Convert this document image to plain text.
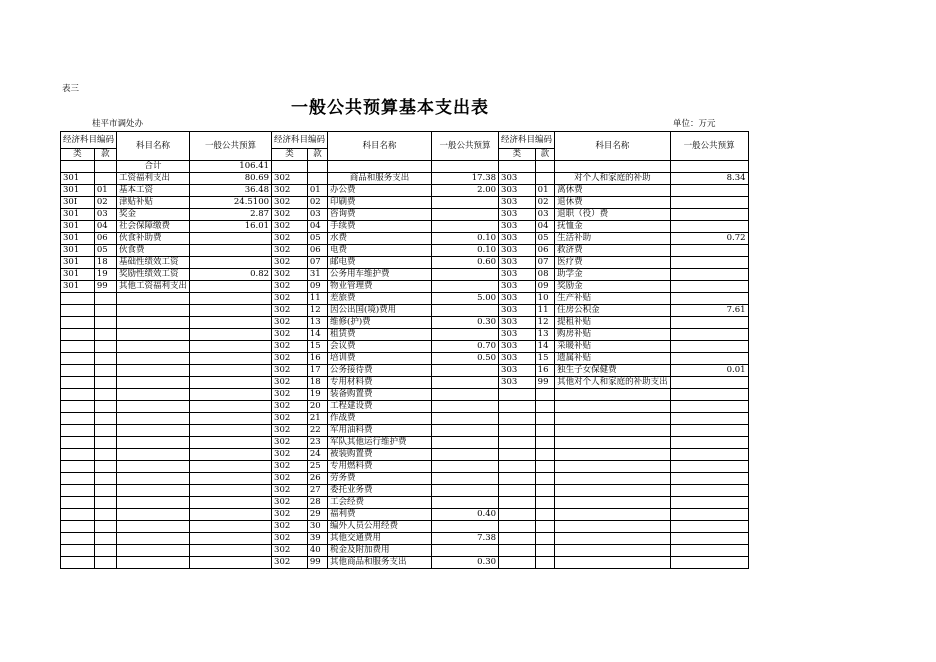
表三
一般公共预算基本支出表
桂平市调处办	单位：万元
经济科目编码		科目名称	一般公共预算	经济科目编码		科目名称	一般公共预算	经济科目编码		科目名称	一般公共预算
类	款			类	款			类	款		
		合计	106.41								
301		工资福利支出	80.69	302		商品和服务支出	17.38	303		对个人和家庭的补助	8.34
301	01	基本工资	36.48	302	01	办公费	2.00	303	01	离休费	
30I	02	津贴补贴	24.5100	302	02	印刷费		303	02	退休费	
301	03	奖金	2.87	302	03	咨询费		303	03	退职（役）费	
301	04	社会保障缴费	16.01	302	04	手续费		303	04	抚恤金	
301	06	伙食补助费		302	05	水费	0.10	303	05	生活补助	0.72
301	05	伙食费		302	06	电费	0.10	303	06	救济费	
301	18	基础性绩效工资		302	07	邮电费	0.60	303	07	医疗费	
301	19	奖励性绩效工资	0.82	302	31	公务用车维护费		303	08	助学金	
301	99	其他工资福利支出		302	09	物业管理费		303	09	奖励金	
				302	11	差旅费	5.00	303	10	生产补贴	
				302	12	因公出国(境)费用		303	11	住房公积金	7.61
				302	13	维修(护)费	0.30	303	12	提租补贴	
				302	14	租赁费		303	13	购房补贴	
				302	15	会议费	0.70	303	14	采暖补贴	
				302	16	培训费	0.50	303	15	遗属补贴	
				302	17	公务接待费		303	16	独生子女保健费	0.01
				302	18	专用材料费		303	99	其他对个人和家庭的补助支出	
				302	19	装备购置费					
				302	20	工程建设费					
				302	21	作战费					
				302	22	军用油料费					
				302	23	军队其他运行维护费					
				302	24	被装购置费					
				302	25	专用燃料费					
				302	26	劳务费					
				302	27	委托业务费					
				302	28	工会经费					
				302	29	福利费	0.40				
				302	30	编外人员公用经费					
				302	39	其他交通费用	7.38				
				302	40	税金及附加费用					
				302	99	其他商品和服务支出	0.30				
